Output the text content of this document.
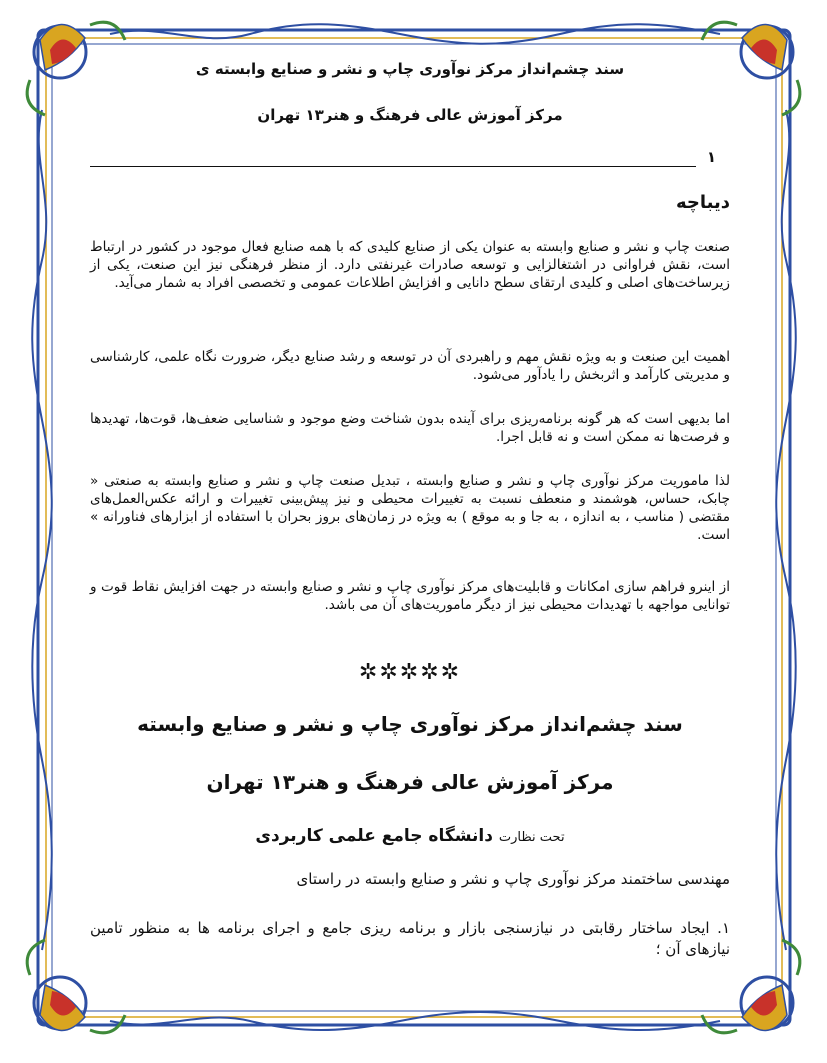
سند چشم‌انداز مرکز نوآوری چاپ و نشر و صنایع وابسته ی
مرکز آموزش عالی فرهنگ و هنر۱۳ تهران
۱
دیباچه

صنعت چاپ و نشر و صنایع وابسته به عنوان یکی از صنایع کلیدی که با همه صنایع فعال موجود در کشور در ارتباط است، نقش فراوانی در اشتغالزایی و توسعه صادرات غیرنفتی دارد. از منظر فرهنگی نیز این صنعت، یکی از زیرساخت‌های اصلی و کلیدی ارتقای سطح دانایی و افزایش اطلاعات عمومی و تخصصی افراد به شمار می‌آید.

اهمیت این صنعت و به ویژه نقش مهم و راهبردی آن در توسعه و رشد صنایع دیگر، ضرورت نگاه علمی، کارشناسی و مدیریتی کارآمد و اثربخش را یادآور می‌شود.

اما بدیهی است که هر گونه برنامه‌ریزی برای آینده بدون شناخت وضع موجود و شناسایی ضعف‌ها، قوت‌ها، تهدیدها و فرصت‌ها نه ممکن است و نه قابل اجرا.

لذا ماموریت مرکز نوآوری چاپ و نشر و صنایع وابسته ، تبدیل صنعت چاپ و نشر و صنایع وابسته به صنعتی « چابک، حساس، هوشمند و منعطف نسبت به تغییرات محیطی و نیز پیش‌بینی تغییرات و ارائه عکس‌العمل‌های مقتضی ( مناسب ، به اندازه ، به جا و به موقع ) به ویژه در زمان‌های بروز بحران با استفاده از ابزارهای فناورانه » است.

از اینرو فراهم سازی امکانات و قابلیت‌های مرکز نوآوری چاپ و نشر و صنایع وابسته در جهت افزایش نقاط قوت و توانایی مواجهه با تهدیدات محیطی نیز از دیگر ماموریت‌های آن می باشد.

✲✲✲✲✲
سند چشم‌انداز مرکز نوآوری چاپ و نشر و صنایع وابسته
مرکز آموزش عالی فرهنگ و هنر۱۳ تهران
تحت نظارت دانشگاه جامع علمی کاربردی
مهندسی ساختمند مرکز نوآوری چاپ و نشر و صنایع وابسته در راستای

۱. ایجاد ساختار رقابتی در نیازسنجی بازار و برنامه ریزی جامع و اجرای برنامه ها به منظور تامین نیازهای آن ؛
